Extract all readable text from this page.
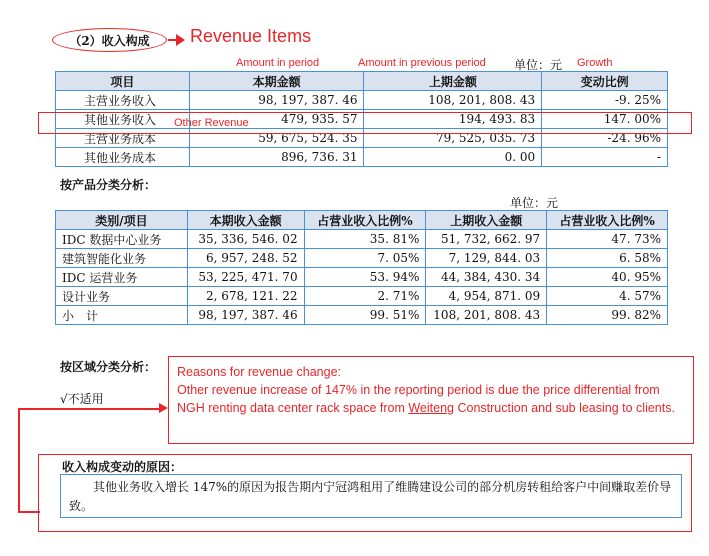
（2）收入构成	Revenue Items
Amount in period	Amount in previous period 单位：元 Growth
项目	本期金额	上期金额	变动比例
主营业务收入	98, 197, 387. 46	108, 201, 808. 43	-9. 25%
其他业务收入	479, 935. 57	194, 493. 83	147. 00%
主营业务成本	59, 675, 524. 35	79, 525, 035. 73	-24. 96%
其他业务成本	896, 736. 31	0. 00	-
Other Revenue
按产品分类分析：
单位：元
类别/项目	本期收入金额	占营业收入比例%	上期收入金额	占营业收入比例%
IDC 数据中心业务	35, 336, 546. 02	35. 81%	51, 732, 662. 97	47. 73%
建筑智能化业务	6, 957, 248. 52	7. 05%	7, 129, 844. 03	6. 58%
IDC 运营业务	53, 225, 471. 70	53. 94%	44, 384, 430. 34	40. 95%
设计业务	2, 678, 121. 22	2. 71%	4, 954, 871. 09	4. 57%
小　计	98, 197, 387. 46	99. 51%	108, 201, 808. 43	99. 82%
按区域分类分析：
√不适用
Reasons for revenue change:
Other revenue increase of 147% in the reporting period is due the price differential from NGH renting data center rack space from Weiteng Construction and sub leasing to clients.
收入构成变动的原因：
其他业务收入增长 147%的原因为报告期内宁冠鸿租用了维腾建设公司的部分机房转租给客户中间赚取差价导致。
